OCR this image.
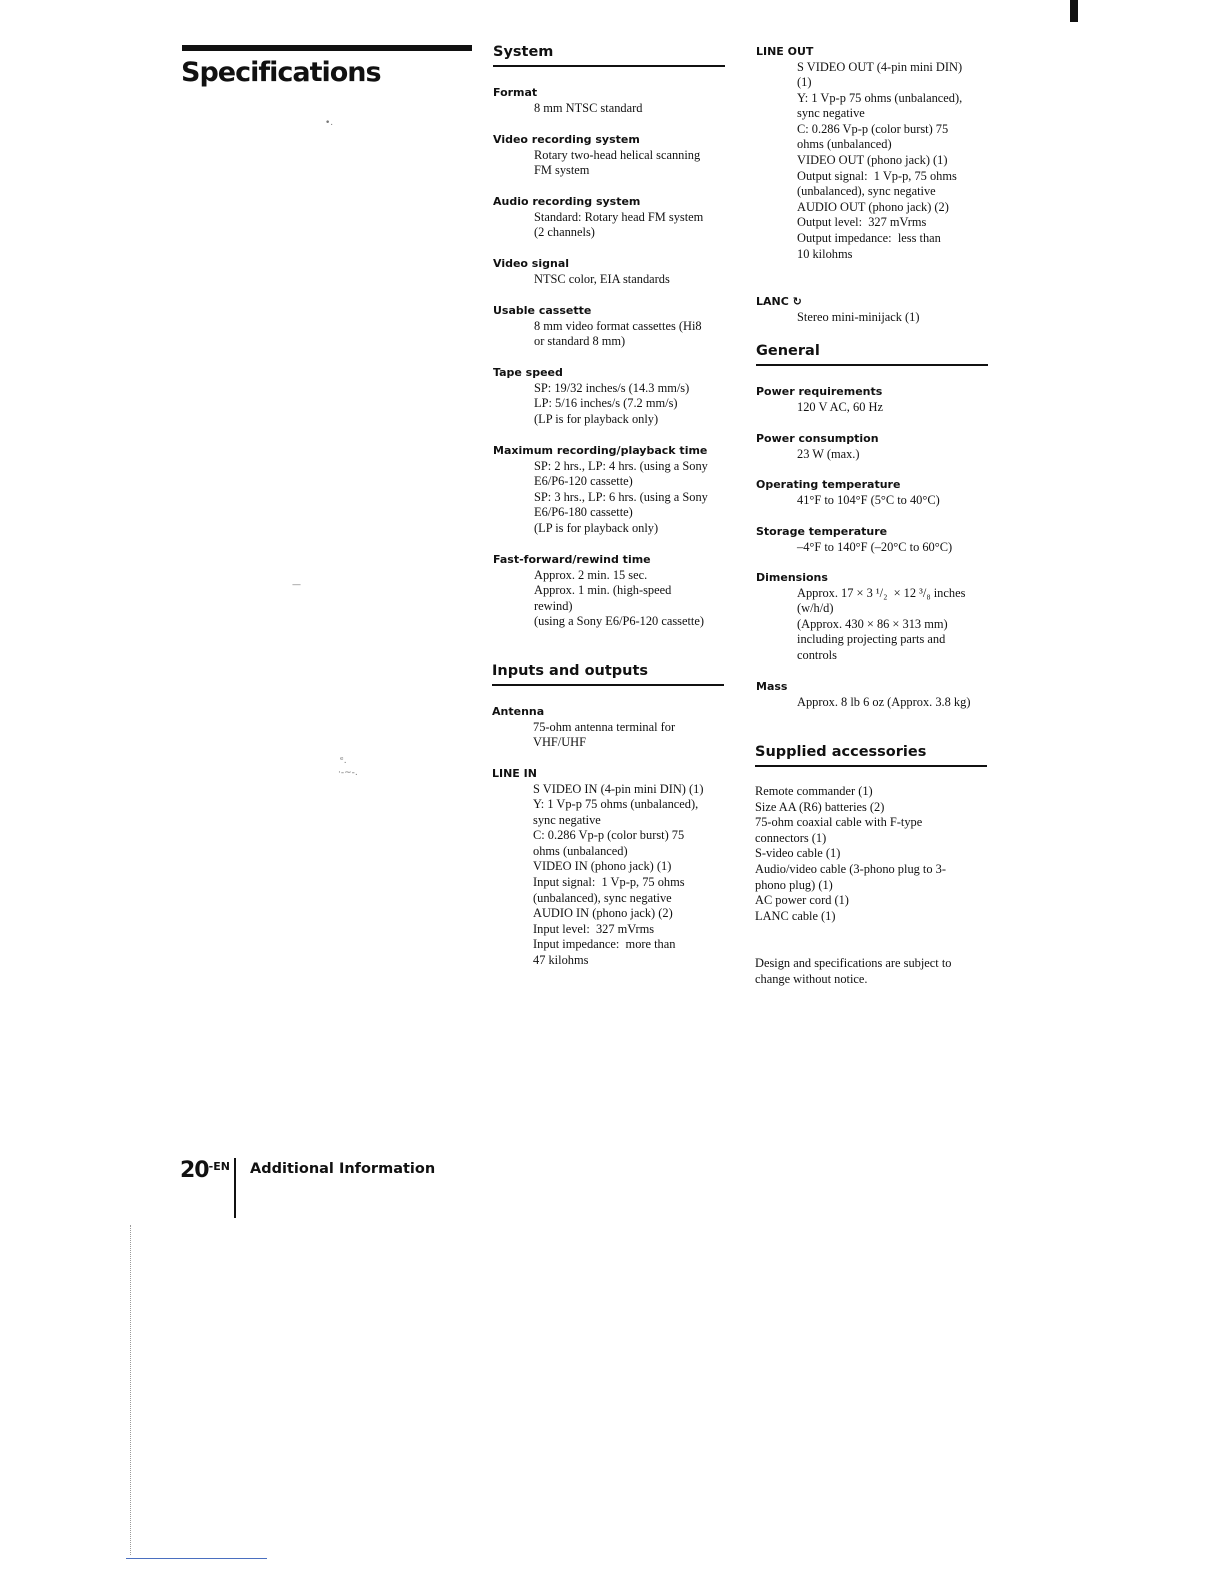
Specifications
•.
—
ᵉ.
·-~-.
System
Format
8 mm NTSC standard
Video recording system
Rotary two-head helical scanning
FM system
Audio recording system
Standard: Rotary head FM system
(2 channels)
Video signal
NTSC color, EIA standards
Usable cassette
8 mm video format cassettes (Hi8
or standard 8 mm)
Tape speed
SP: 19/32 inches/s (14.3 mm/s)
LP: 5/16 inches/s (7.2 mm/s)
(LP is for playback only)
Maximum recording/playback time
SP: 2 hrs., LP: 4 hrs. (using a Sony
E6/P6-120 cassette)
SP: 3 hrs., LP: 6 hrs. (using a Sony
E6/P6-180 cassette)
(LP is for playback only)
Fast-forward/rewind time
Approx. 2 min. 15 sec.
Approx. 1 min. (high-speed
rewind)
(using a Sony E6/P6-120 cassette)
Inputs and outputs
Antenna
75-ohm antenna terminal for
VHF/UHF
LINE IN
S VIDEO IN (4-pin mini DIN) (1)
Y: 1 Vp-p 75 ohms (unbalanced),
sync negative
C: 0.286 Vp-p (color burst) 75
ohms (unbalanced)
VIDEO IN (phono jack) (1)
Input signal:  1 Vp-p, 75 ohms
(unbalanced), sync negative
AUDIO IN (phono jack) (2)
Input level:  327 mVrms
Input impedance:  more than
47 kilohms
LINE OUT
S VIDEO OUT (4-pin mini DIN)
(1)
Y: 1 Vp-p 75 ohms (unbalanced),
sync negative
C: 0.286 Vp-p (color burst) 75
ohms (unbalanced)
VIDEO OUT (phono jack) (1)
Output signal:  1 Vp-p, 75 ohms
(unbalanced), sync negative
AUDIO OUT (phono jack) (2)
Output level:  327 mVrms
Output impedance:  less than
10 kilohms
LANC ↻
Stereo mini-minijack (1)
General
Power requirements
120 V AC, 60 Hz
Power consumption
23 W (max.)
Operating temperature
41°F to 104°F (5°C to 40°C)
Storage temperature
–4°F to 140°F (–20°C to 60°C)
Dimensions
Approx. 17 × 3 ¹/₂  × 12 ³/₈ inches
(w/h/d)
(Approx. 430 × 86 × 313 mm)
including projecting parts and
controls
Mass
Approx. 8 lb 6 oz (Approx. 3.8 kg)
Supplied accessories
Remote commander (1)
Size AA (R6) batteries (2)
75-ohm coaxial cable with F-type
connectors (1)
S-video cable (1)
Audio/video cable (3-phono plug to 3-
phono plug) (1)
AC power cord (1)
LANC cable (1)
Design and specifications are subject to
change without notice.
$20^{-EN}$ Additional Information
